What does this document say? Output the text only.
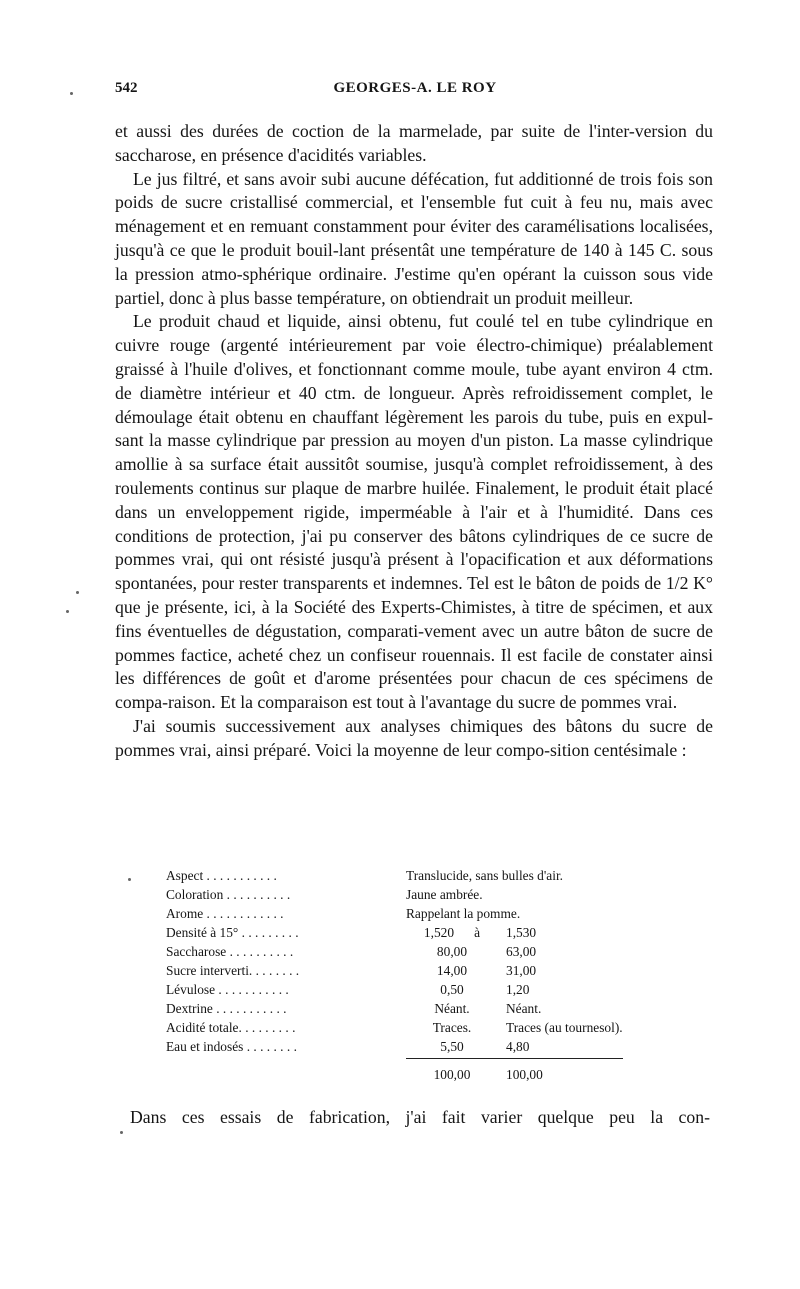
542	GEORGES-A. LE ROY

et aussi des durées de coction de la marmelade, par suite de l'inter-version du saccharose, en présence d'acidités variables.

Le jus filtré, et sans avoir subi aucune défécation, fut additionné de trois fois son poids de sucre cristallisé commercial, et l'ensemble fut cuit à feu nu, mais avec ménagement et en remuant constamment pour éviter des caramélisations localisées, jusqu'à ce que le produit bouil-lant présentât une température de 140 à 145 C. sous la pression atmo-sphérique ordinaire. J'estime qu'en opérant la cuisson sous vide partiel, donc à plus basse température, on obtiendrait un produit meilleur.

Le produit chaud et liquide, ainsi obtenu, fut coulé tel en tube cylindrique en cuivre rouge (argenté intérieurement par voie électro-chimique) préalablement graissé à l'huile d'olives, et fonctionnant comme moule, tube ayant environ 4 ctm. de diamètre intérieur et 40 ctm. de longueur. Après refroidissement complet, le démoulage était obtenu en chauffant légèrement les parois du tube, puis en expul-sant la masse cylindrique par pression au moyen d'un piston. La masse cylindrique amollie à sa surface était aussitôt soumise, jusqu'à complet refroidissement, à des roulements continus sur plaque de marbre huilée. Finalement, le produit était placé dans un enveloppement rigide, imperméable à l'air et à l'humidité. Dans ces conditions de protection, j'ai pu conserver des bâtons cylindriques de ce sucre de pommes vrai, qui ont résisté jusqu'à présent à l'opacification et aux déformations spontanées, pour rester transparents et indemnes. Tel est le bâton de poids de 1/2 K° que je présente, ici, à la Société des Experts-Chimistes, à titre de spécimen, et aux fins éventuelles de dégustation, comparati-vement avec un autre bâton de sucre de pommes factice, acheté chez un confiseur rouennais. Il est facile de constater ainsi les différences de goût et d'arome présentées pour chacun de ces spécimens de compa-raison. Et la comparaison est tout à l'avantage du sucre de pommes vrai.

J'ai soumis successivement aux analyses chimiques des bâtons du sucre de pommes vrai, ainsi préparé. Voici la moyenne de leur compo-sition centésimale :

Aspect . . . . . . . . . . .	Translucide, sans bulles d'air.	
Coloration . . . . . . . . . .	Jaune ambrée.	
Arome . . . . . . . . . . . .	Rappelant la pomme.	
Densité à 15° . . . . . . . . .	1,520 à	1,530
Saccharose . . . . . . . . . .	80,00	63,00
Sucre interverti. . . . . . . .	14,00	31,00
Lévulose . . . . . . . . . . .	0,50	1,20
Dextrine . . . . . . . . . . .	Néant.	Néant.
Acidité totale. . . . . . . . .	Traces.	Traces (au tournesol).
Eau et indosés . . . . . . . .	5,50	4,80
	100,00	100,00

Dans ces essais de fabrication, j'ai fait varier quelque peu la con-
